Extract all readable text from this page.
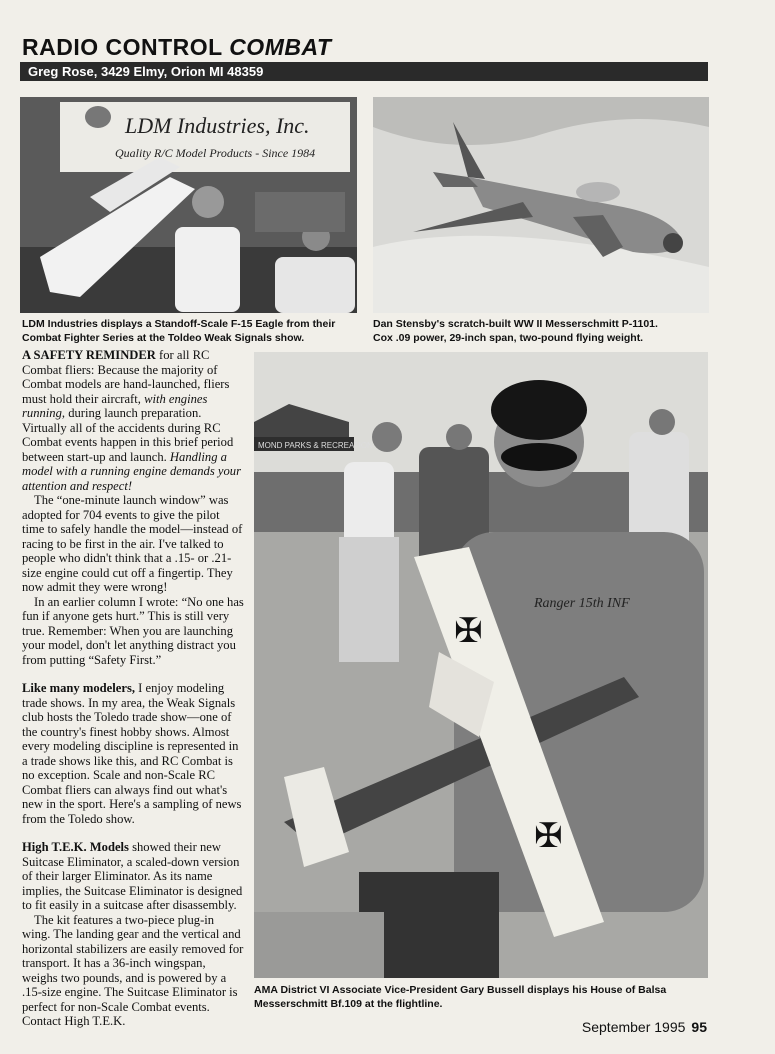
RADIO CONTROL COMBAT
Greg Rose, 3429 Elmy, Orion MI 48359
LDM Industries, Inc.
Quality R/C Model Products - Since 1984
LDM Industries displays a Standoff-Scale F-15 Eagle from their Combat Fighter Series at the Toldeo Weak Signals show.
Dan Stensby's scratch-built WW II Messerschmitt P-1101. Cox .09 power, 29-inch span, two-pound flying weight.
MOND PARKS & RECREATION
Ranger 15th INF
✠
✠
AMA District VI Associate Vice-President Gary Bussell displays his House of Balsa Messerschmitt Bf.109 at the flightline.

A SAFETY REMINDER for all RC Combat fliers: Because the majority of Combat models are hand-launched, fliers must hold their aircraft, with engines running, during launch preparation. Virtually all of the accidents during RC Combat events happen in this brief period between start-up and launch. Handling a model with a running engine demands your attention and respect!

The “one-minute launch window” was adopted for 704 events to give the pilot time to safely handle the model—instead of racing to be first in the air. I've talked to people who didn't think that a .15- or .21-size engine could cut off a fingertip. They now admit they were wrong!

In an earlier column I wrote: “No one has fun if anyone gets hurt.” This is still very true. Remember: When you are launching your model, don't let anything distract you from putting “Safety First.”

Like many modelers, I enjoy modeling trade shows. In my area, the Weak Signals club hosts the Toledo trade show—one of the country's finest hobby shows. Almost every modeling discipline is represented in a trade shows like this, and RC Combat is no exception. Scale and non-Scale RC Combat fliers can always find out what's new in the sport. Here's a sampling of news from the Toledo show.

High T.E.K. Models showed their new Suitcase Eliminator, a scaled-down version of their larger Eliminator. As its name implies, the Suitcase Eliminator is designed to fit easily in a suitcase after disassembly.

The kit features a two-piece plug-in wing. The landing gear and the vertical and horizontal stabilizers are easily removed for transport. It has a 36-inch wingspan, weighs two pounds, and is powered by a .15-size engine. The Suitcase Eliminator is perfect for non-Scale Combat events. Contact High T.E.K.	September 1995 95
